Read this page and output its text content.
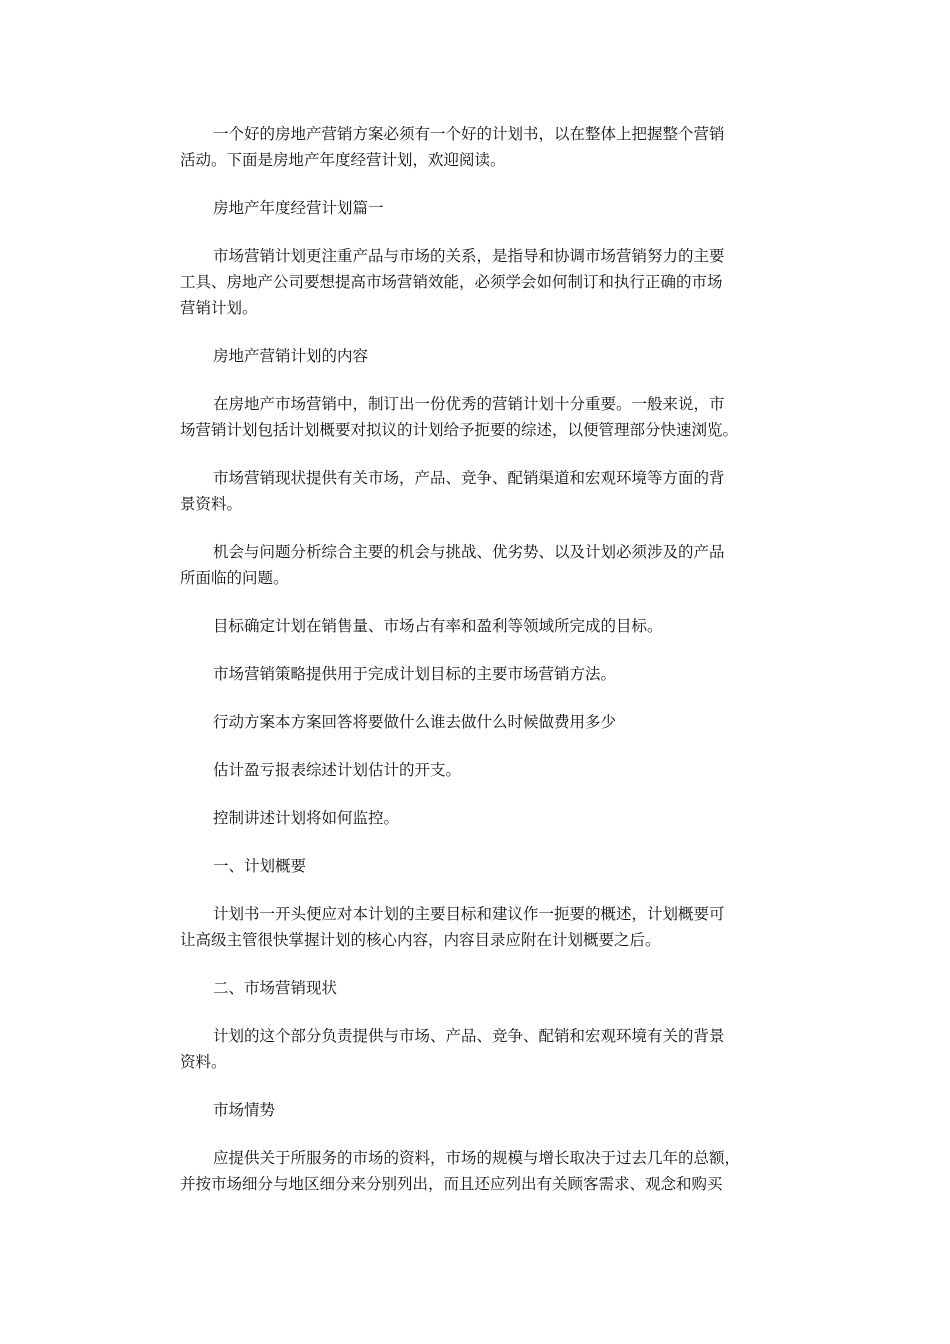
一个好的房地产营销方案必须有一个好的计划书，以在整体上把握整个营销
活动。下面是房地产年度经营计划，欢迎阅读。

房地产年度经营计划篇一

市场营销计划更注重产品与市场的关系，是指导和协调市场营销努力的主要
工具、房地产公司要想提高市场营销效能，必须学会如何制订和执行正确的市场
营销计划。

房地产营销计划的内容

在房地产市场营销中，制订出一份优秀的营销计划十分重要。一般来说，市
场营销计划包括计划概要对拟议的计划给予扼要的综述，以便管理部分快速浏览。

市场营销现状提供有关市场，产品、竞争、配销渠道和宏观环境等方面的背
景资料。

机会与问题分析综合主要的机会与挑战、优劣势、以及计划必须涉及的产品
所面临的问题。

目标确定计划在销售量、市场占有率和盈利等领域所完成的目标。

市场营销策略提供用于完成计划目标的主要市场营销方法。

行动方案本方案回答将要做什么谁去做什么时候做费用多少

估计盈亏报表综述计划估计的开支。

控制讲述计划将如何监控。

一、计划概要

计划书一开头便应对本计划的主要目标和建议作一扼要的概述，计划概要可
让高级主管很快掌握计划的核心内容，内容目录应附在计划概要之后。

二、市场营销现状

计划的这个部分负责提供与市场、产品、竞争、配销和宏观环境有关的背景
资料。

市场情势

应提供关于所服务的市场的资料，市场的规模与增长取决于过去几年的总额，
并按市场细分与地区细分来分别列出，而且还应列出有关顾客需求、观念和购买
